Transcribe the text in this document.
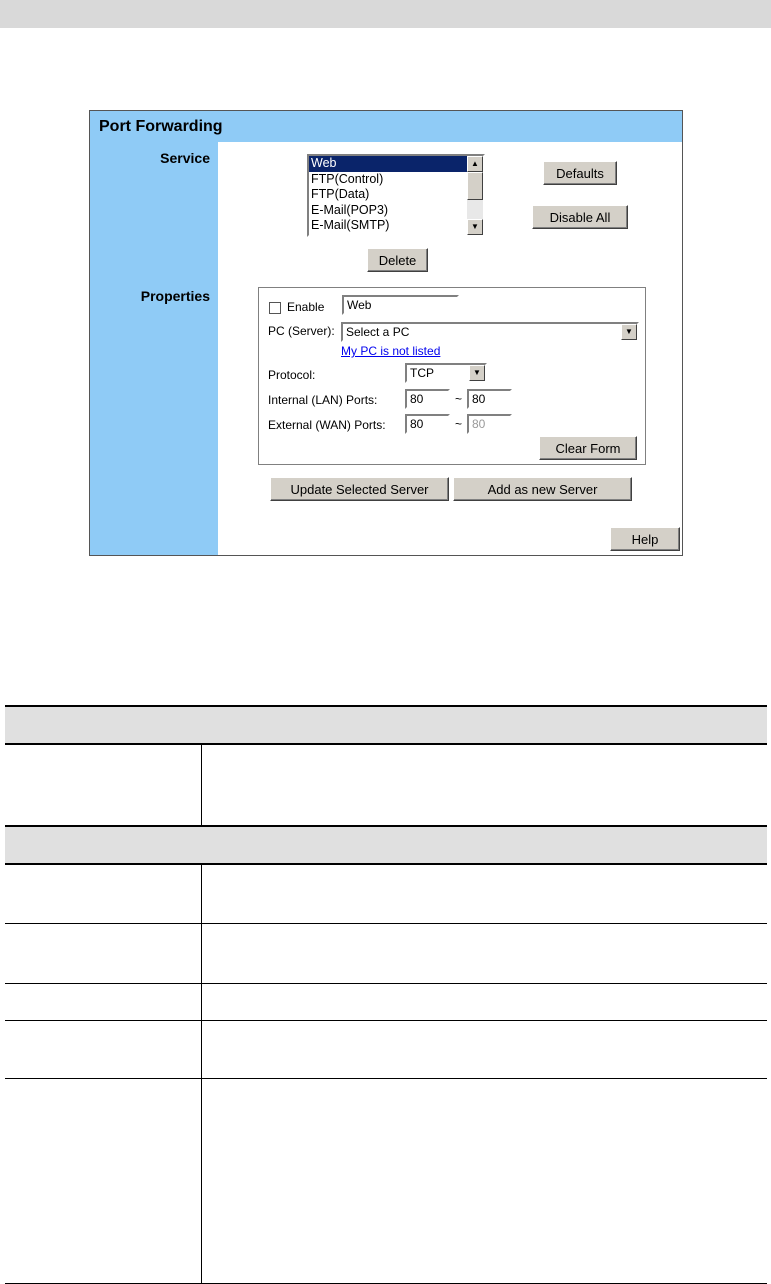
Port Forwarding
Service
Properties
Web
FTP(Control)
FTP(Data)
E-Mail(POP3)
E-Mail(SMTP)
▲
▼
Defaults
Disable All
Delete
Enable	Web
PC (Server): Select a PC	▼
My PC is not listed
Protocol:	TCP	▼
Internal (LAN) Ports:	80	~ 80
External (WAN) Ports:	80	~ 80
Clear Form
Update Selected Server	Add as new Server
Help
